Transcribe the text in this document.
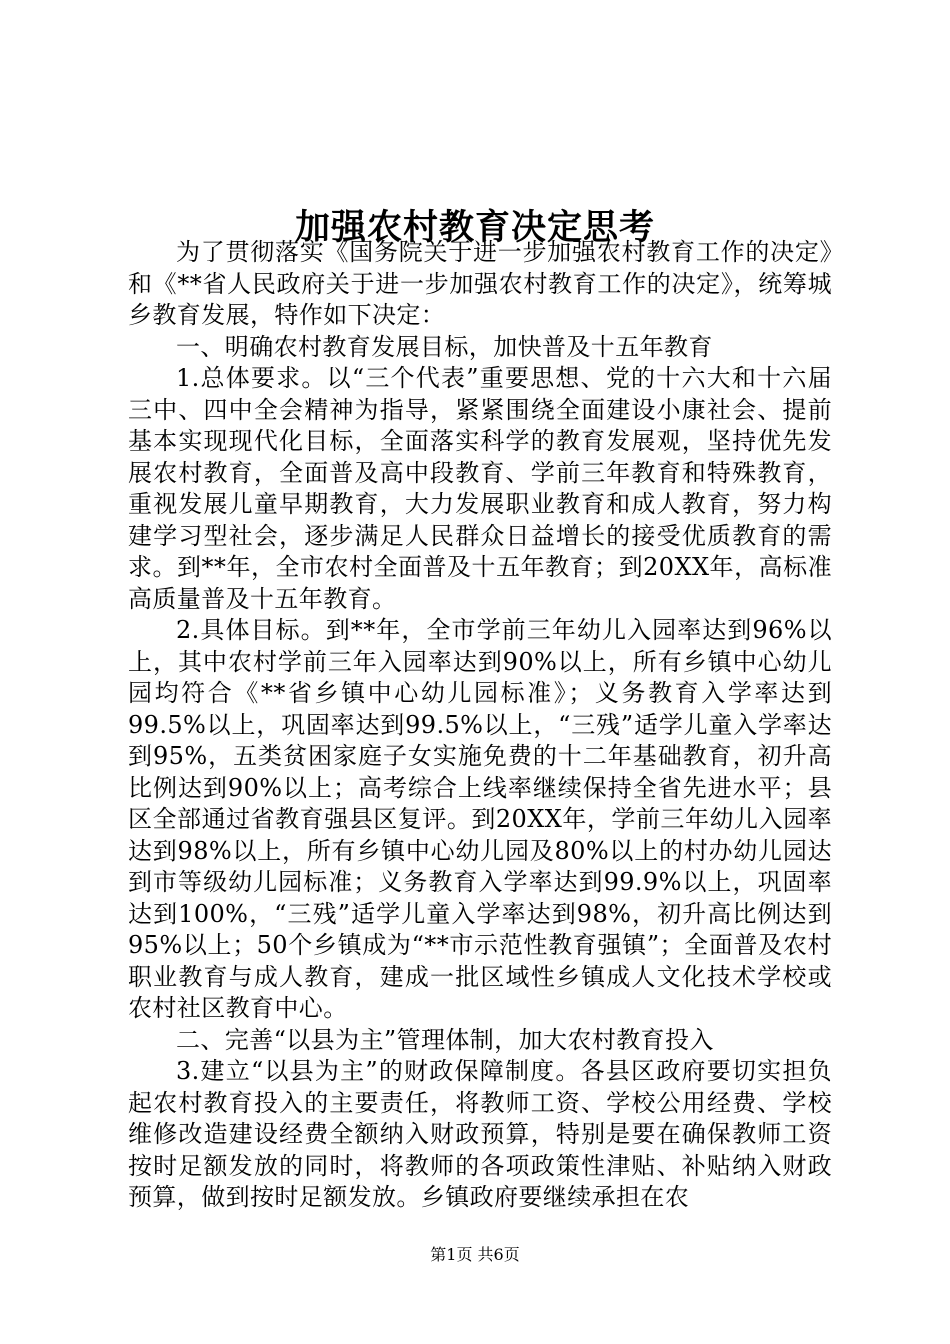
加强农村教育决定思考

为了贯彻落实《国务院关于进一步加强农村教育工作的决定》和《**省人民政府关于进一步加强农村教育工作的决定》，统筹城乡教育发展，特作如下决定：

一、明确农村教育发展目标，加快普及十五年教育

1.总体要求。以“三个代表”重要思想、党的十六大和十六届三中、四中全会精神为指导，紧紧围绕全面建设小康社会、提前基本实现现代化目标，全面落实科学的教育发展观，坚持优先发展农村教育，全面普及高中段教育、学前三年教育和特殊教育，重视发展儿童早期教育，大力发展职业教育和成人教育，努力构建学习型社会，逐步满足人民群众日益增长的接受优质教育的需求。到**年，全市农村全面普及十五年教育；到20XX年，高标准高质量普及十五年教育。

2.具体目标。到**年，全市学前三年幼儿入园率达到96%以上，其中农村学前三年入园率达到90%以上，所有乡镇中心幼儿园均符合《**省乡镇中心幼儿园标准》；义务教育入学率达到99.5%以上，巩固率达到99.5%以上，“三残”适学儿童入学率达到95%，五类贫困家庭子女实施免费的十二年基础教育，初升高比例达到90%以上；高考综合上线率继续保持全省先进水平；县区全部通过省教育强县区复评。到20XX年，学前三年幼儿入园率达到98%以上，所有乡镇中心幼儿园及80%以上的村办幼儿园达到市等级幼儿园标准；义务教育入学率达到99.9%以上，巩固率达到100%，“三残”适学儿童入学率达到98%，初升高比例达到95%以上；50个乡镇成为“**市示范性教育强镇”；全面普及农村职业教育与成人教育，建成一批区域性乡镇成人文化技术学校或农村社区教育中心。

二、完善“以县为主”管理体制，加大农村教育投入

3.建立“以县为主”的财政保障制度。各县区政府要切实担负起农村教育投入的主要责任，将教师工资、学校公用经费、学校维修改造建设经费全额纳入财政预算，特别是要在确保教师工资按时足额发放的同时，将教师的各项政策性津贴、补贴纳入财政预算，做到按时足额发放。乡镇政府要继续承担在农

第1页 共6页
